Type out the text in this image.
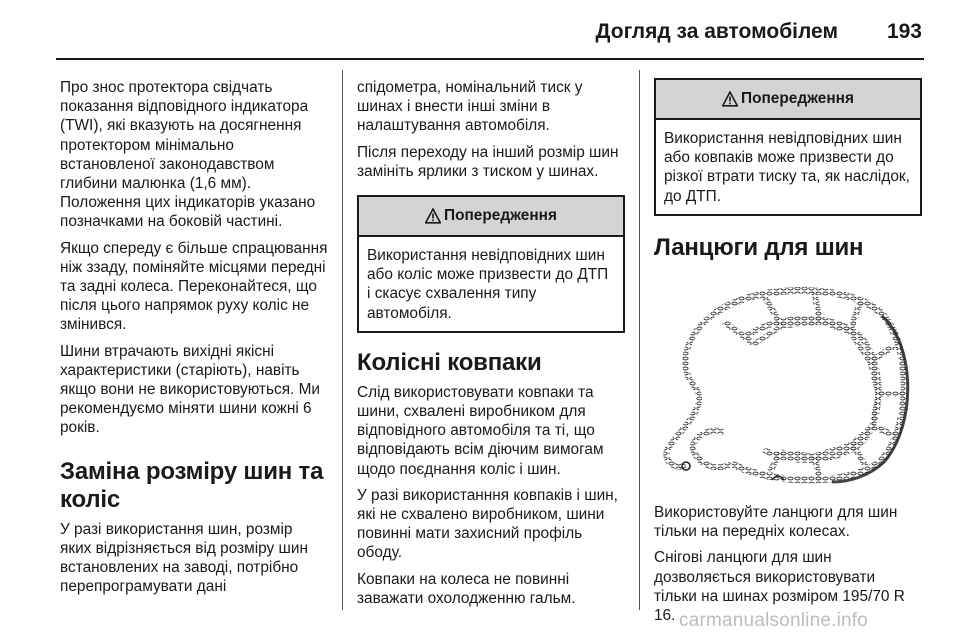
Догляд за автомобілем 193

Про знос протектора свідчать показання відповідного індикатора (TWI), які вказують на досягнення протектором мінімально встановленої законодавством глибини малюнка (1,6 мм). Положення цих індикаторів указано позначками на боковій частині.

Якщо спереду є більше спрацювання ніж ззаду, поміняйте місцями передні та задні колеса. Переконайтеся, що після цього напрямок руху коліс не змінився.

Шини втрачають вихідні якісні характеристики (старіють), навіть якщо вони не використовуються. Ми рекомендуємо міняти шини кожні 6 років.

Заміна розміру шин та коліс

У разі використання шин, розмір яких відрізняється від розміру шин встановлених на заводі, потрібно перепрограмувати дані

спідометра, номінальний тиск у шинах і внести інші зміни в налаштування автомобіля.

Після переходу на інший розмір шин замініть ярлики з тиском у шинах.

Попередження
Використання невідповідних шин або коліс може призвести до ДТП і скасує схвалення типу автомобіля.
Колісні ковпаки

Слід використовувати ковпаки та шини, схвалені виробником для відповідного автомобіля та ті, що відповідають всім діючим вимогам щодо поєднання коліс і шин.

У разі використанння ковпаків і шин, які не схвалено виробником, шини повинні мати захисний профіль ободу.

Ковпаки на колеса не повинні заважати охолодженню гальм.

Попередження
Використання невідповідних шин або ковпаків може призвести до різкої втрати тиску та, як наслідок, до ДТП.
Ланцюги для шин

Використовуйте ланцюги для шин тільки на передніх колесах.

Снігові ланцюги для шин дозволяється використовувати тільки на шинах розміром 195/70 R 16. carmanualsonline.info
